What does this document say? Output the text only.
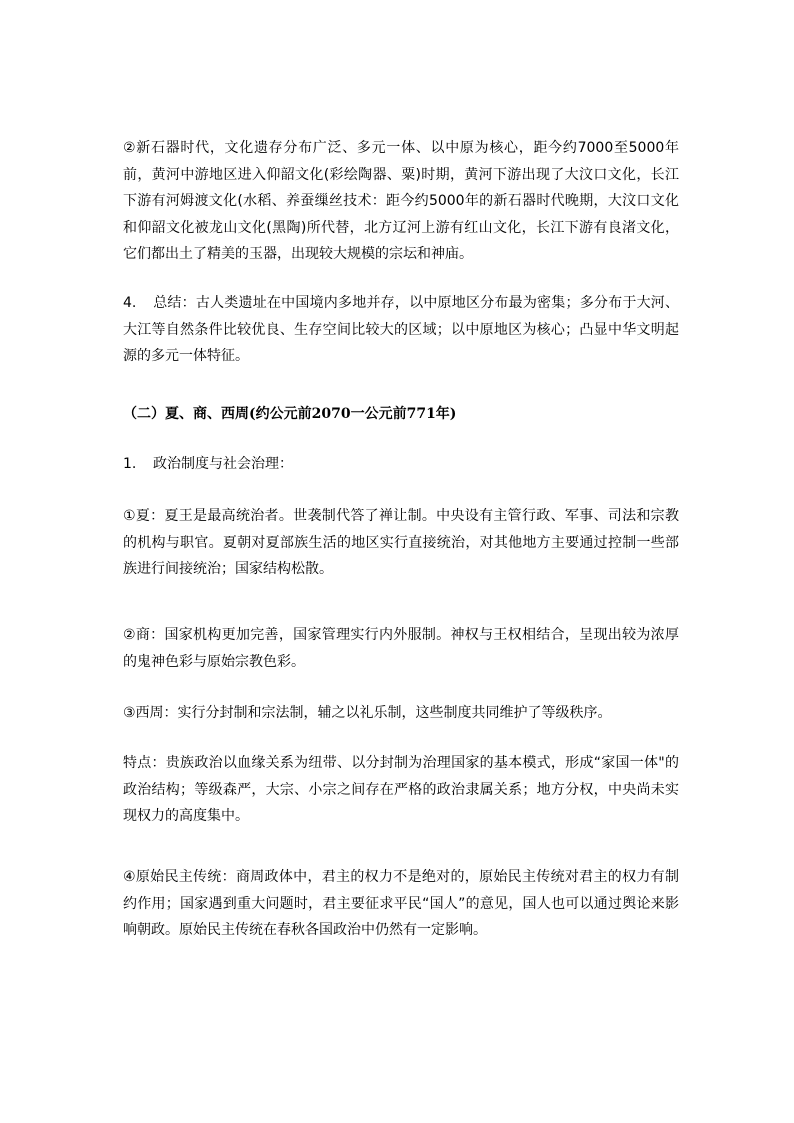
②新石器时代，文化遗存分布广泛、多元一体、以中原为核心，距今约7000至5000年前，黄河中游地区进入仰韶文化(彩绘陶器、粟)时期，黄河下游出现了大汶口文化，长江下游有河姆渡文化(水稻、养蚕缫丝技术：距今约5000年的新石器时代晚期，大汶口文化和仰韶文化被龙山文化(黑陶)所代替，北方辽河上游有红山文化，长江下游有良渚文化，它们都出土了精美的玉器，出现较大规模的宗坛和神庙。

4. 总结：古人类遗址在中国境内多地并存，以中原地区分布最为密集；多分布于大河、大江等自然条件比较优良、生存空间比较大的区域；以中原地区为核心；凸显中华文明起源的多元一体特征。

（二）夏、商、西周(约公元前2070一公元前771年)

1. 政治制度与社会治理：

①夏：夏王是最高统治者。世袭制代答了禅让制。中央设有主管行政、军事、司法和宗教的机构与职官。夏朝对夏部族生活的地区实行直接统治，对其他地方主要通过控制一些部族进行间接统治；国家结构松散。

②商：国家机构更加完善，国家管理实行内外服制。神权与王权相结合，呈现出较为浓厚的鬼神色彩与原始宗教色彩。

③西周：实行分封制和宗法制，辅之以礼乐制，这些制度共同维护了等级秩序。

特点：贵族政治以血缘关系为纽带、以分封制为治理国家的基本模式，形成“家国一体"的政治结构；等级森严，大宗、小宗之间存在严格的政治隶属关系；地方分权，中央尚未实现权力的高度集中。

④原始民主传统：商周政体中，君主的权力不是绝对的，原始民主传统对君主的权力有制约作用；国家遇到重大问题时，君主要征求平民“国人”的意见，国人也可以通过舆论来影响朝政。原始民主传统在春秋各国政治中仍然有一定影响。
